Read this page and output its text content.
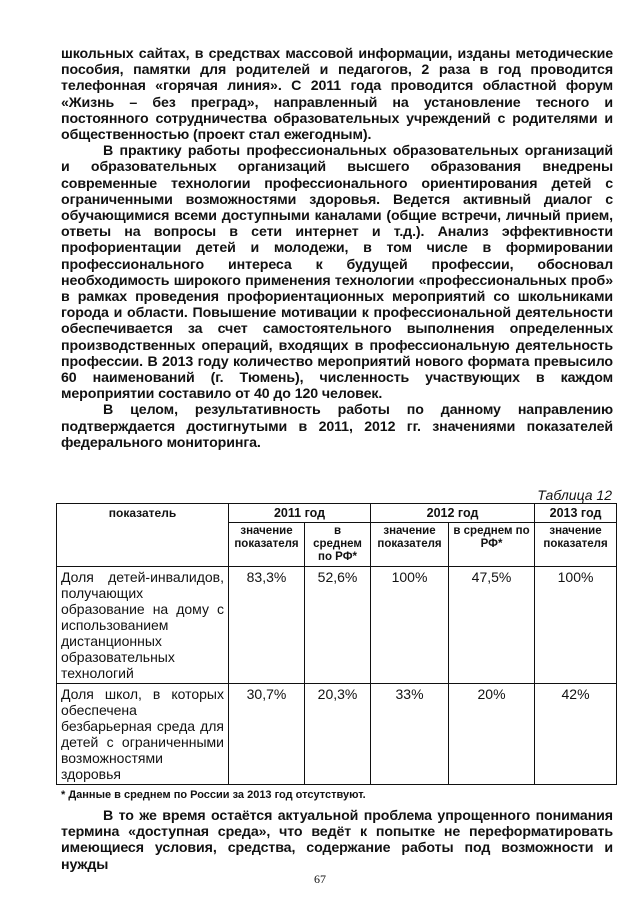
школьных сайтах, в средствах массовой информации, изданы методические пособия, памятки для родителей и педагогов, 2 раза в год проводится телефонная «горячая линия». С 2011 года проводится областной форум «Жизнь – без преград», направленный на установление тесного и постоянного сотрудничества образовательных учреждений с родителями и общественностью (проект стал ежегодным).

В практику работы профессиональных образовательных организаций и образовательных организаций высшего образования внедрены современные технологии профессионального ориентирования детей с ограниченными возможностями здоровья. Ведется активный диалог с обучающимися всеми доступными каналами (общие встречи, личный прием, ответы на вопросы в сети интернет и т.д.). Анализ эффективности профориентации детей и молодежи, в том числе в формировании профессионального интереса к будущей профессии, обосновал необходимость широкого применения технологии «профессиональных проб» в рамках проведения профориентационных мероприятий со школьниками города и области. Повышение мотивации к профессиональной деятельности обеспечивается за счет самостоятельного выполнения определенных производственных операций, входящих в профессиональную деятельность профессии. В 2013 году количество мероприятий нового формата превысило 60 наименований (г. Тюмень), численность участвующих в каждом мероприятии составило от 40 до 120 человек.

В целом, результативность работы по данному направлению подтверждается достигнутыми в 2011, 2012 гг. значениями показателей федерального мониторинга.

Таблица 12
показатель	2011 год		2012 год		2013 год
	значение показателя	в среднем по РФ*	значение показателя	в среднем по РФ*	значение показателя
Доля детей-инвалидов, получающих образование на дому с использованием дистанционных образовательных технологий	83,3%	52,6%	100%	47,5%	100%
Доля школ, в которых обеспечена безбарьерная среда для детей с ограниченными возможностями здоровья	30,7%	20,3%	33%	20%	42%
* Данные в среднем по России за 2013 год отсутствуют.

В то же время остаётся актуальной проблема упрощенного понимания термина «доступная среда», что ведёт к попытке не переформатировать имеющиеся условия, средства, содержание работы под возможности и нужды

67
